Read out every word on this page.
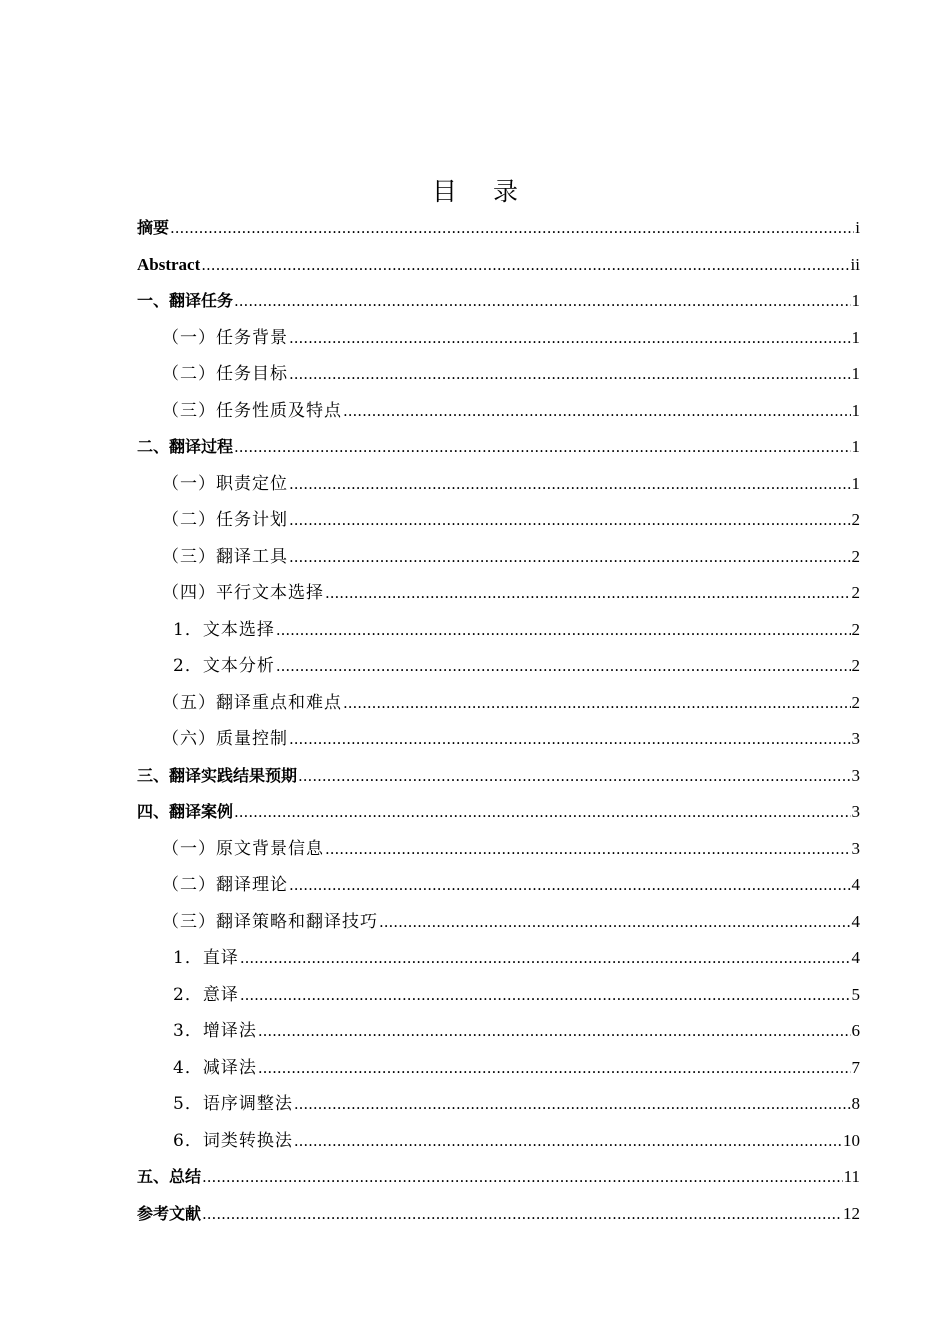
目 录
摘要 .....	i
Abstract .....	ii
一、翻译任务 .....	1
（一）任务背景 .....	1
（二）任务目标 .....	1
（三）任务性质及特点 .....	1
二、翻译过程 .....	1
（一）职责定位 .....	1
（二）任务计划 .....	2
（三）翻译工具 .....	2
（四）平行文本选择 .....	2
1．文本选择 .....	2
2．文本分析 .....	2
（五）翻译重点和难点 .....	2
（六）质量控制 .....	3
三、翻译实践结果预期 .....	3
四、翻译案例 .....	3
（一）原文背景信息 .....	3
（二）翻译理论 .....	4
（三）翻译策略和翻译技巧 .....	4
1．直译 .....	4
2．意译 .....	5
3．增译法 .....	6
4．减译法 .....	7
5．语序调整法 .....	8
6．词类转换法 .....	10
五、总结 .....	11
参考文献 .....	12
